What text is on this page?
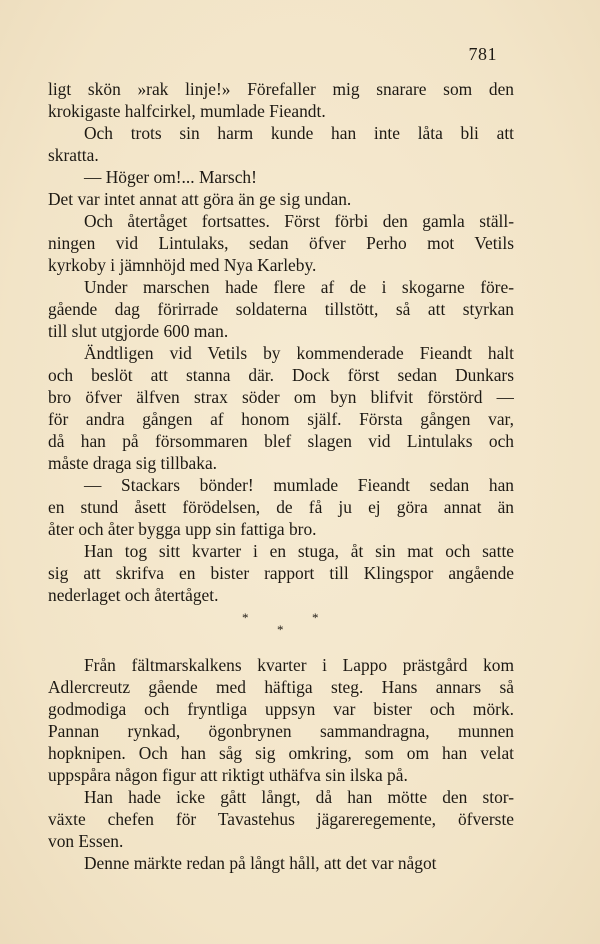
781
ligt skön »rak linje!» Förefaller mig snarare som den
krokigaste halfcirkel, mumlade Fieandt.
Och trots sin harm kunde han inte låta bli att
skratta.
— Höger om!... Marsch!
Det var intet annat att göra än ge sig undan.
Och återtåget fortsattes. Först förbi den gamla ställ-
ningen vid Lintulaks, sedan öfver Perho mot Vetils
kyrkoby i jämnhöjd med Nya Karleby.
Under marschen hade flere af de i skogarne före-
gående dag förirrade soldaterna tillstött, så att styrkan
till slut utgjorde 600 man.
Ändtligen vid Vetils by kommenderade Fieandt halt
och beslöt att stanna där. Dock först sedan Dunkars
bro öfver älfven strax söder om byn blifvit förstörd —
för andra gången af honom själf. Första gången var,
då han på försommaren blef slagen vid Lintulaks och
måste draga sig tillbaka.
— Stackars bönder! mumlade Fieandt sedan han
en stund åsett förödelsen, de få ju ej göra annat än
åter och åter bygga upp sin fattiga bro.
Han tog sitt kvarter i en stuga, åt sin mat och satte
sig att skrifva en bister rapport till Klingspor angående
nederlaget och återtåget.
*	*
*
Från fältmarskalkens kvarter i Lappo prästgård kom
Adlercreutz gående med häftiga steg. Hans annars så
godmodiga och fryntliga uppsyn var bister och mörk.
Pannan rynkad, ögonbrynen sammandragna, munnen
hopknipen. Och han såg sig omkring, som om han velat
uppspåra någon figur att riktigt uthäfva sin ilska på.
Han hade icke gått långt, då han mötte den stor-
växte chefen för Tavastehus jägareregemente, öfverste
von Essen.
Denne märkte redan på långt håll, att det var något
